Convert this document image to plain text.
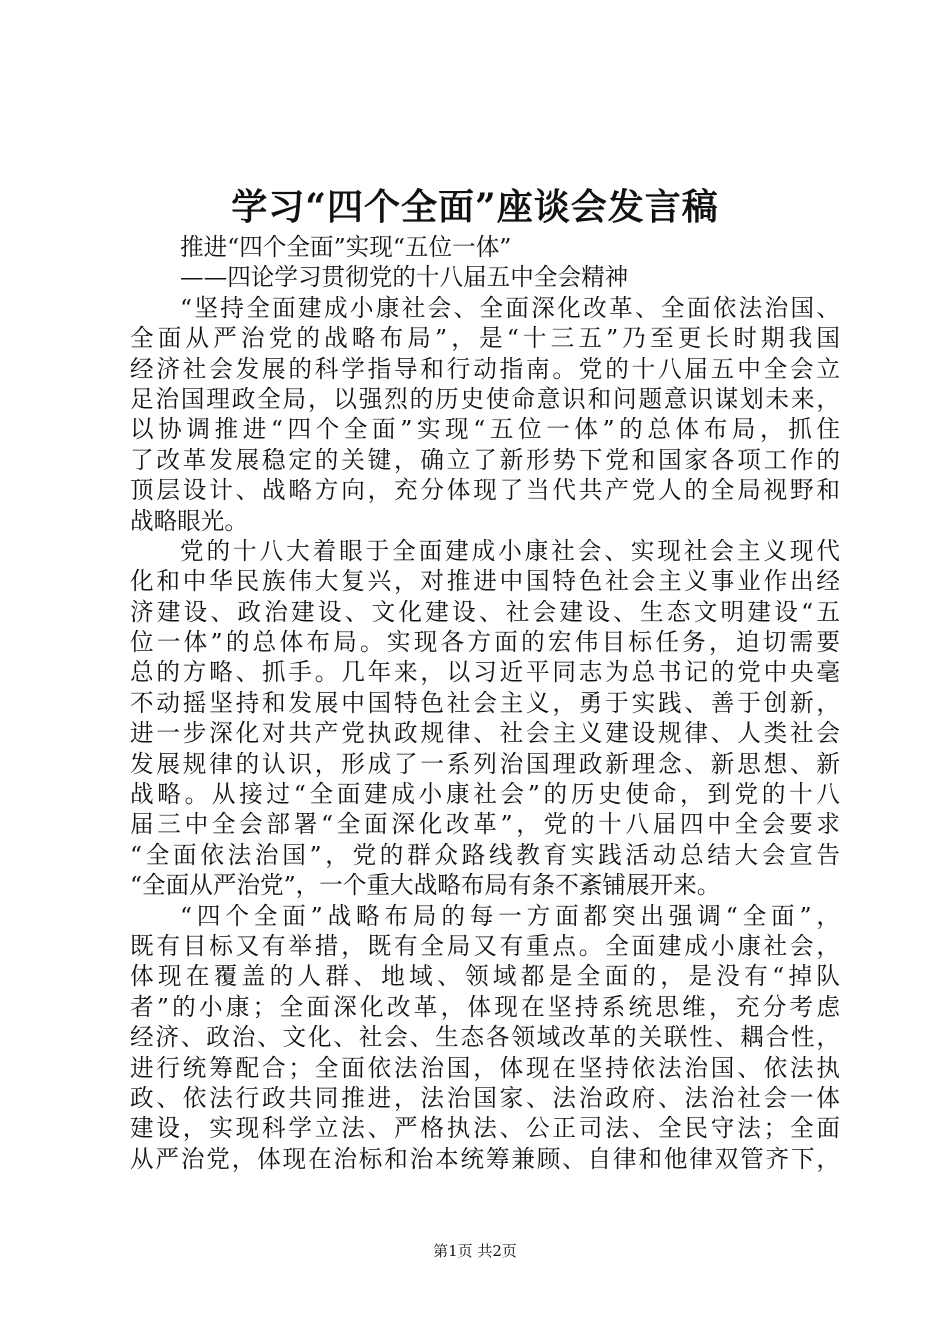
学习“四个全面”座谈会发言稿
推进“四个全面”实现“五位一体”
——四论学习贯彻党的十八届五中全会精神
“坚持全面建成小康社会、全面深化改革、全面依法治国、
全面从严治党的战略布局”，是“十三五”乃至更长时期我国
经济社会发展的科学指导和行动指南。党的十八届五中全会立
足治国理政全局，以强烈的历史使命意识和问题意识谋划未来，
以协调推进“四个全面”实现“五位一体”的总体布局，抓住
了改革发展稳定的关键，确立了新形势下党和国家各项工作的
顶层设计、战略方向，充分体现了当代共产党人的全局视野和
战略眼光。
党的十八大着眼于全面建成小康社会、实现社会主义现代
化和中华民族伟大复兴，对推进中国特色社会主义事业作出经
济建设、政治建设、文化建设、社会建设、生态文明建设“五
位一体”的总体布局。实现各方面的宏伟目标任务，迫切需要
总的方略、抓手。几年来，以习近平同志为总书记的党中央毫
不动摇坚持和发展中国特色社会主义，勇于实践、善于创新，
进一步深化对共产党执政规律、社会主义建设规律、人类社会
发展规律的认识，形成了一系列治国理政新理念、新思想、新
战略。从接过“全面建成小康社会”的历史使命，到党的十八
届三中全会部署“全面深化改革”，党的十八届四中全会要求
“全面依法治国”，党的群众路线教育实践活动总结大会宣告
“全面从严治党”，一个重大战略布局有条不紊铺展开来。
“四个全面”战略布局的每一方面都突出强调“全面”，
既有目标又有举措，既有全局又有重点。全面建成小康社会，
体现在覆盖的人群、地域、领域都是全面的，是没有“掉队
者”的小康；全面深化改革，体现在坚持系统思维，充分考虑
经济、政治、文化、社会、生态各领域改革的关联性、耦合性，
进行统筹配合；全面依法治国，体现在坚持依法治国、依法执
政、依法行政共同推进，法治国家、法治政府、法治社会一体
建设，实现科学立法、严格执法、公正司法、全民守法；全面
从严治党，体现在治标和治本统筹兼顾、自律和他律双管齐下，
第1页 共2页
